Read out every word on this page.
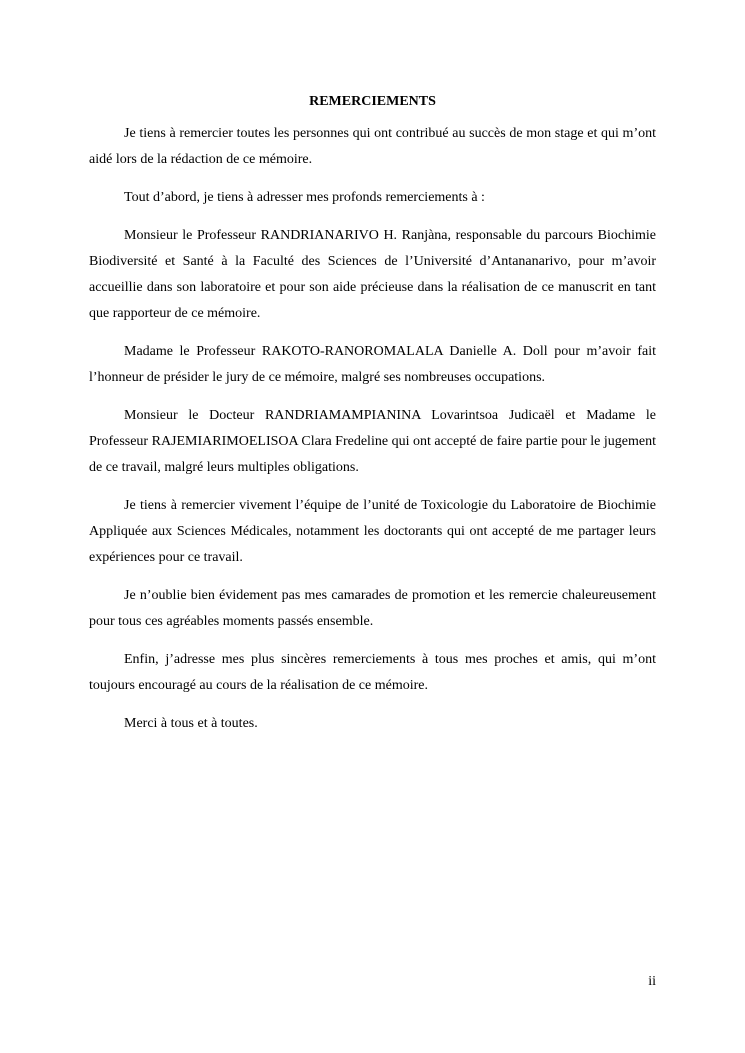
REMERCIEMENTS

Je tiens à remercier toutes les personnes qui ont contribué au succès de mon stage et qui m’ont aidé lors de la rédaction de ce mémoire.

Tout d’abord, je tiens à adresser mes profonds remerciements à :

Monsieur le Professeur RANDRIANARIVO H. Ranjàna, responsable du parcours Biochimie Biodiversité et Santé à la Faculté des Sciences de l’Université d’Antananarivo, pour m’avoir accueillie dans son laboratoire et pour son aide précieuse dans la réalisation de ce manuscrit en tant que rapporteur de ce mémoire.

Madame le Professeur RAKOTO-RANOROMALALA Danielle A. Doll pour m’avoir fait l’honneur de présider le jury de ce mémoire, malgré ses nombreuses occupations.

Monsieur le Docteur RANDRIAMAMPIANINA Lovarintsoa Judicaël et Madame le Professeur RAJEMIARIMOELISOA Clara Fredeline qui ont accepté de faire partie pour le jugement de ce travail, malgré leurs multiples obligations.

Je tiens à remercier vivement l’équipe de l’unité de Toxicologie du Laboratoire de Biochimie Appliquée aux Sciences Médicales, notamment les doctorants qui ont accepté de me partager leurs expériences pour ce travail.

Je n’oublie bien évidement pas mes camarades de promotion et les remercie chaleureusement pour tous ces agréables moments passés ensemble.

Enfin, j’adresse mes plus sincères remerciements à tous mes proches et amis, qui m’ont toujours encouragé au cours de la réalisation de ce mémoire.

Merci à tous et à toutes.

ii
